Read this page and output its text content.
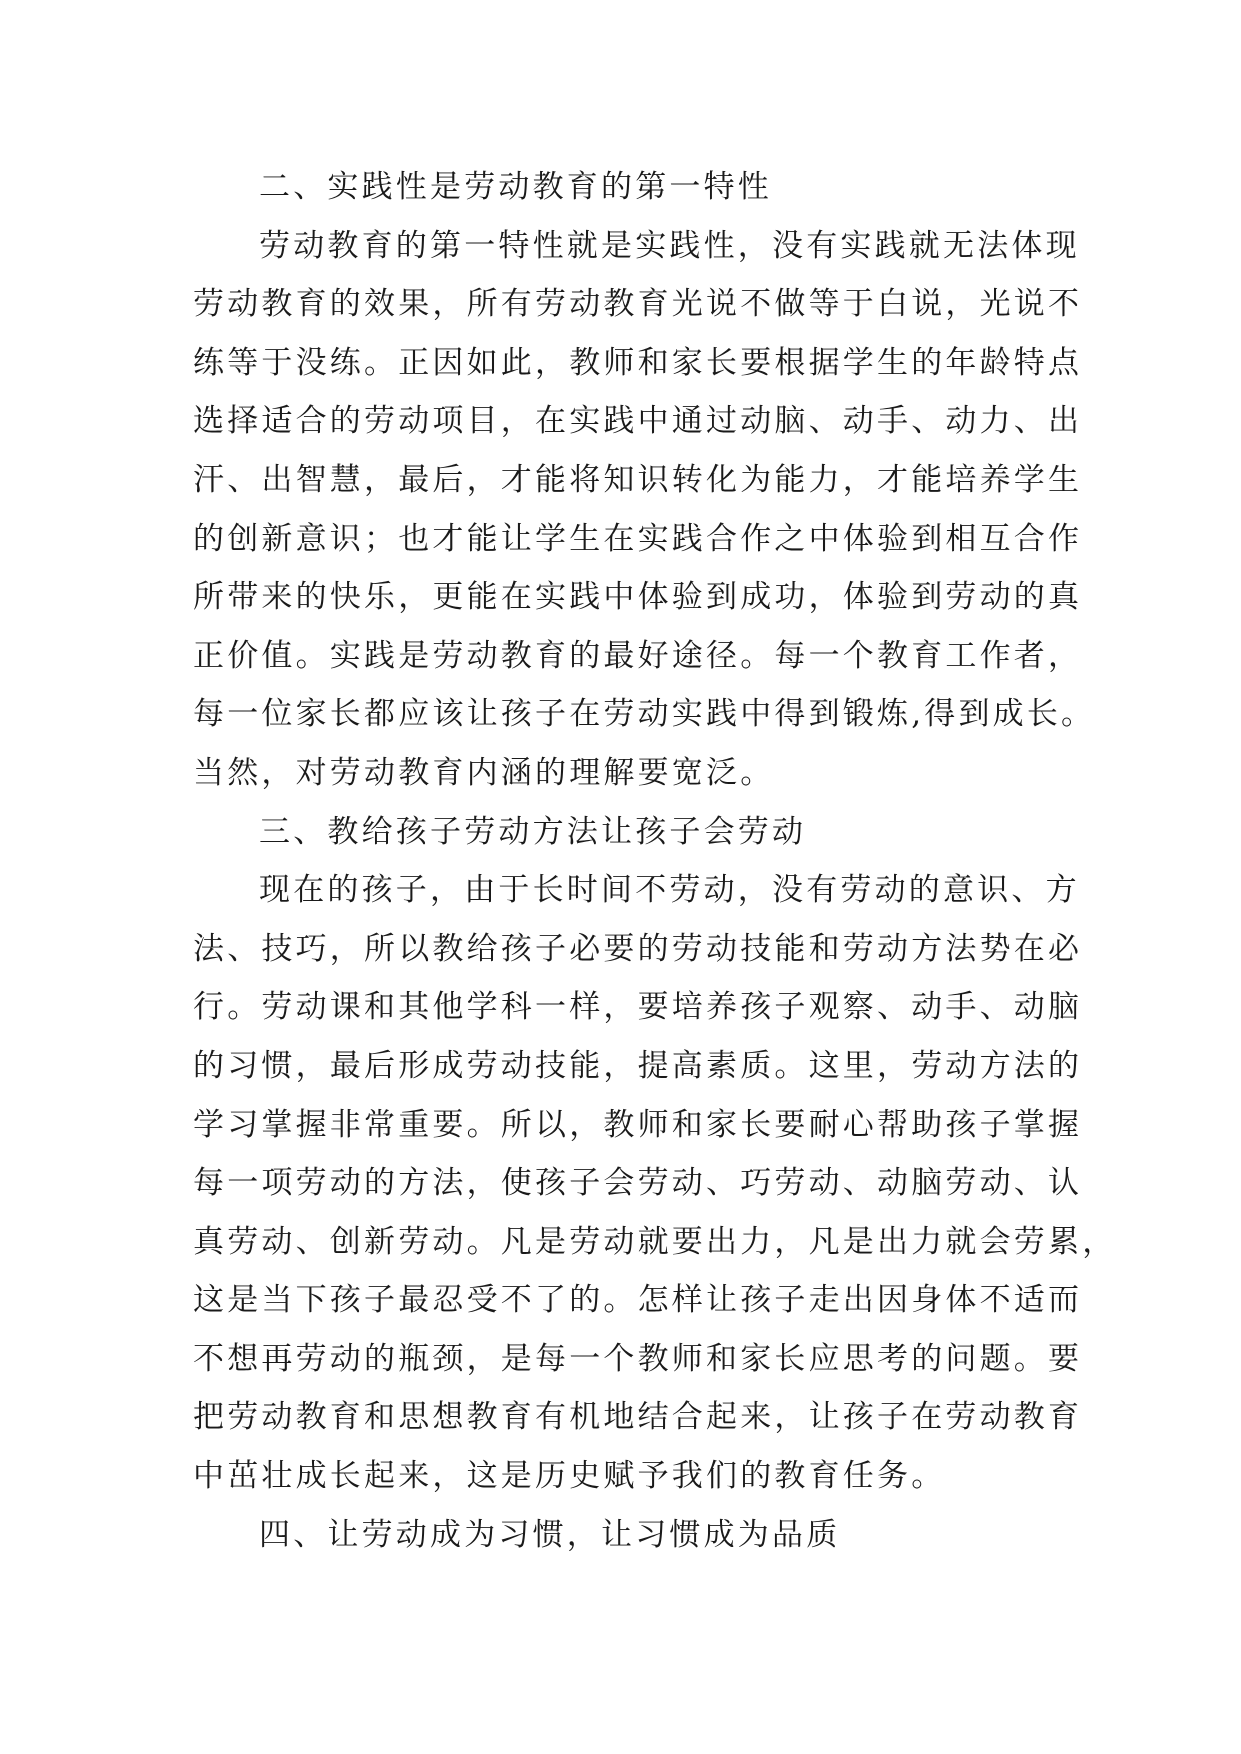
二、实践性是劳动教育的第一特性
劳动教育的第一特性就是实践性，没有实践就无法体现
劳动教育的效果，所有劳动教育光说不做等于白说，光说不
练等于没练。正因如此，教师和家长要根据学生的年龄特点
选择适合的劳动项目，在实践中通过动脑、动手、动力、出
汗、出智慧，最后，才能将知识转化为能力，才能培养学生
的创新意识；也才能让学生在实践合作之中体验到相互合作
所带来的快乐，更能在实践中体验到成功，体验到劳动的真
正价值。实践是劳动教育的最好途径。每一个教育工作者，
每一位家长都应该让孩子在劳动实践中得到锻炼,得到成长。
当然，对劳动教育内涵的理解要宽泛。
三、教给孩子劳动方法让孩子会劳动
现在的孩子，由于长时间不劳动，没有劳动的意识、方
法、技巧，所以教给孩子必要的劳动技能和劳动方法势在必
行。劳动课和其他学科一样，要培养孩子观察、动手、动脑
的习惯，最后形成劳动技能，提高素质。这里，劳动方法的
学习掌握非常重要。所以，教师和家长要耐心帮助孩子掌握
每一项劳动的方法，使孩子会劳动、巧劳动、动脑劳动、认
真劳动、创新劳动。凡是劳动就要出力，凡是出力就会劳累，
这是当下孩子最忍受不了的。怎样让孩子走出因身体不适而
不想再劳动的瓶颈，是每一个教师和家长应思考的问题。要
把劳动教育和思想教育有机地结合起来，让孩子在劳动教育
中茁壮成长起来，这是历史赋予我们的教育任务。
四、让劳动成为习惯，让习惯成为品质
